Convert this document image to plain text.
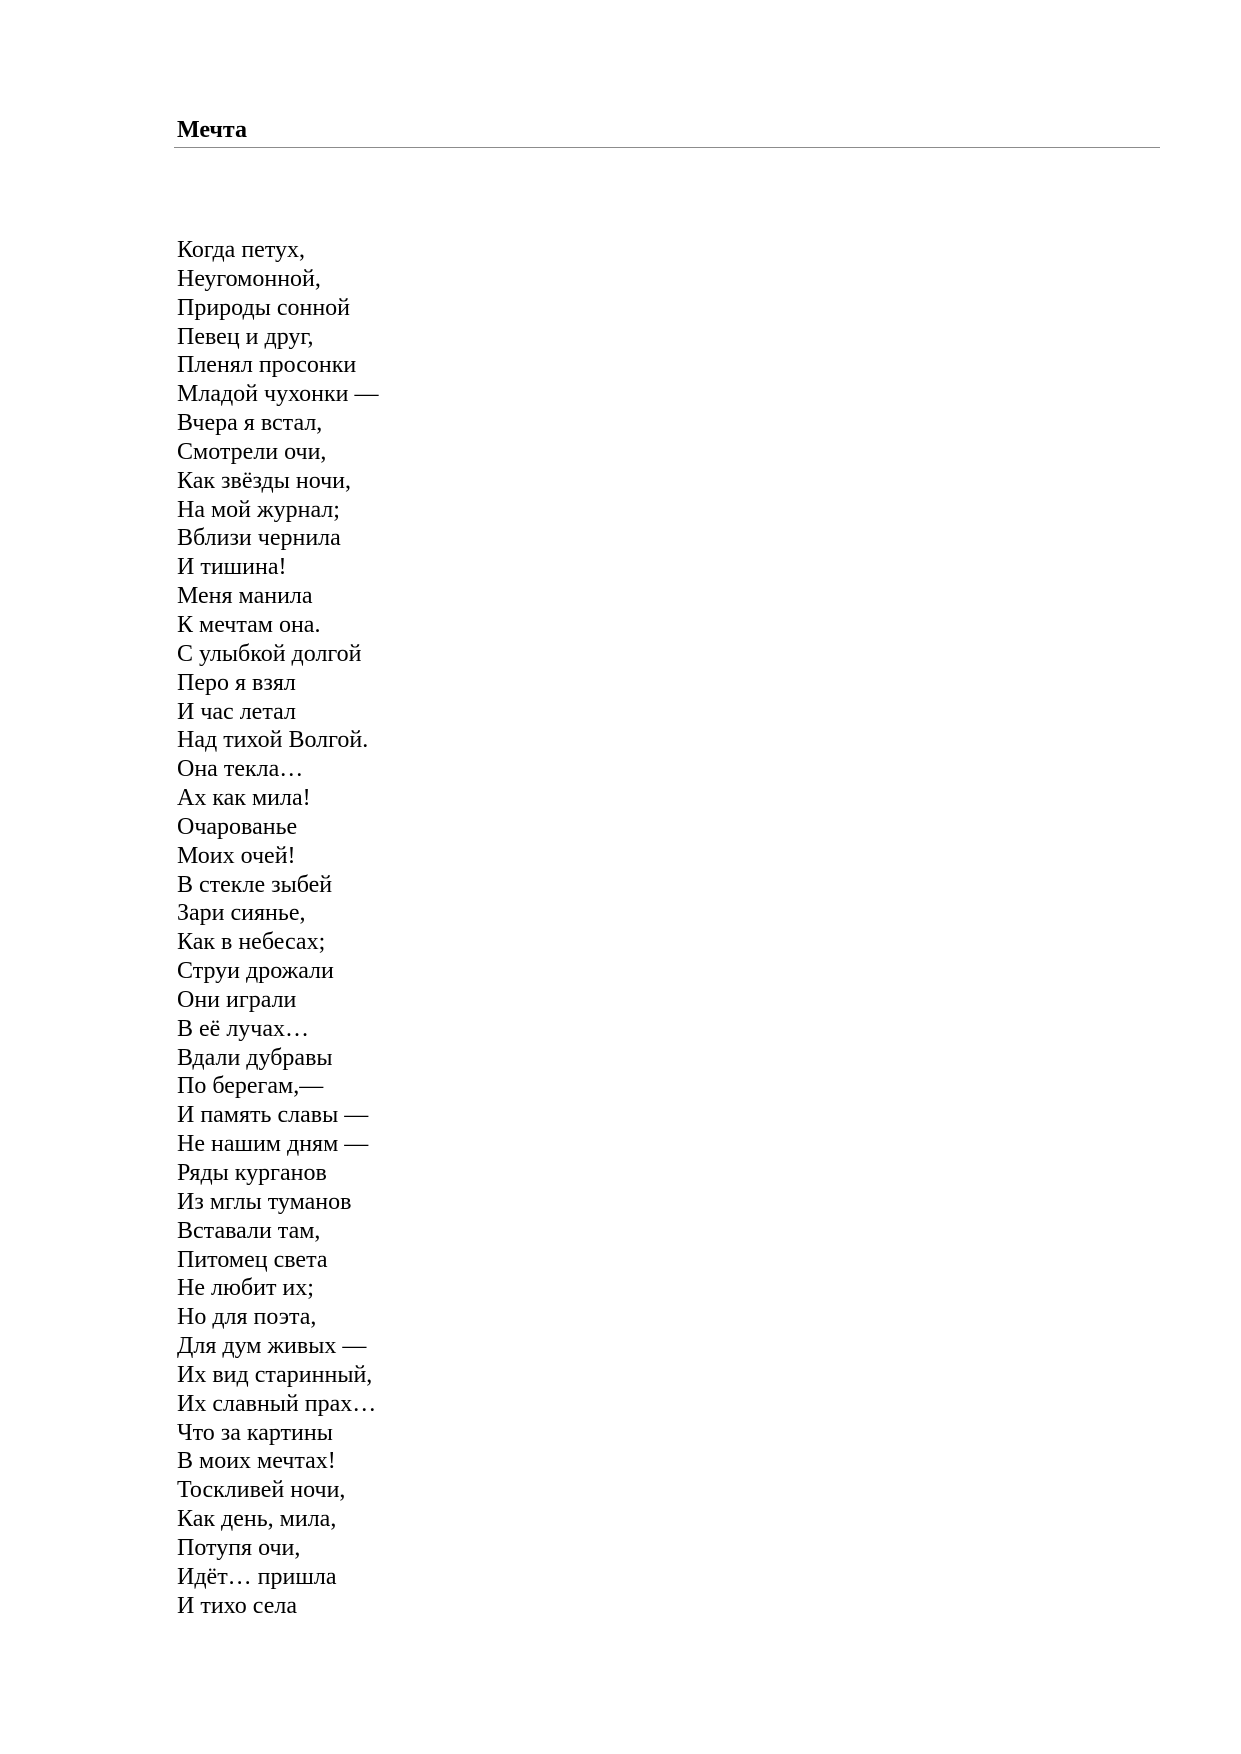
Мечта
Когда петух,
Неугомонной,
Природы сонной
Певец и друг,
Пленял просонки
Младой чухонки —
Вчера я встал,
Смотрели очи,
Как звёзды ночи,
На мой журнал;
Вблизи чернила
И тишина!
Меня манила
К мечтам она.
С улыбкой долгой
Перо я взял
И час летал
Над тихой Волгой.
Она текла…
Ах как мила!
Очарованье
Моих очей!
В стекле зыбей
Зари сиянье,
Как в небесах;
Струи дрожали
Они играли
В её лучах…
Вдали дубравы
По берегам,—
И память славы —
Не нашим дням —
Ряды курганов
Из мглы туманов
Вставали там,
Питомец света
Не любит их;
Но для поэта,
Для дум живых —
Их вид старинный,
Их славный прах…
Что за картины
В моих мечтах!
Тоскливей ночи,
Как день, мила,
Потупя очи,
Идёт… пришла
И тихо села
